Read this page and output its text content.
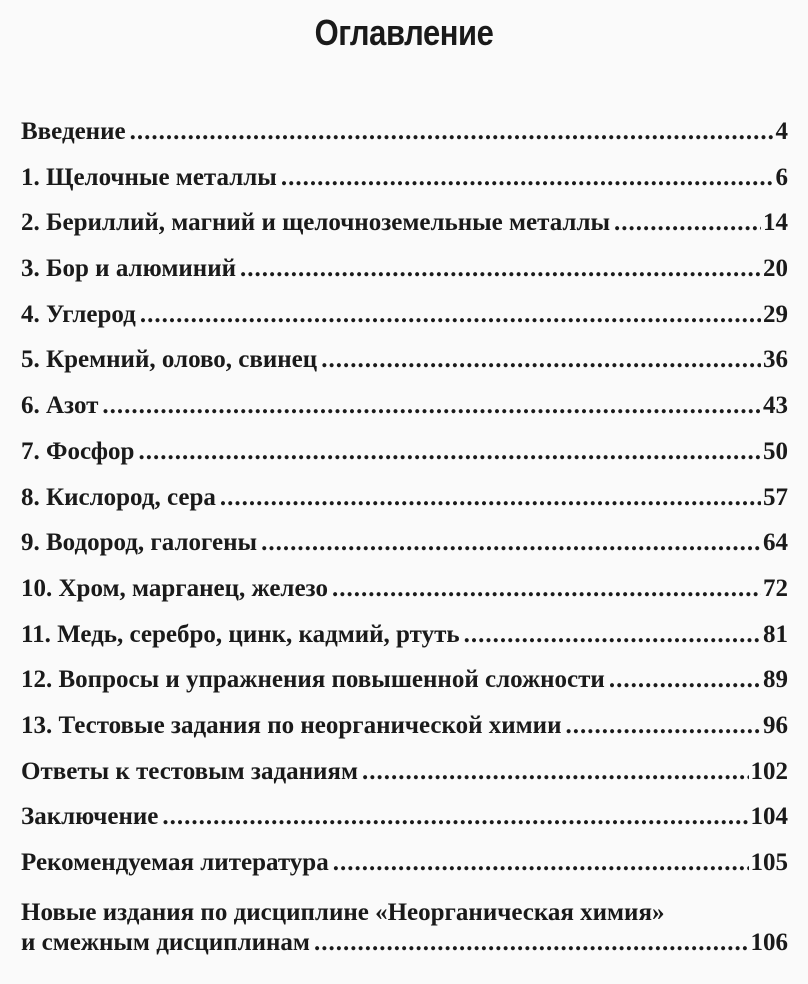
Оглавление
Введение .....	4
1. Щелочные металлы .....	6
2. Бериллий, магний и щелочноземельные металлы .....	14
3. Бор и алюминий .....	20
4. Углерод .....	29
5. Кремний, олово, свинец .....	36
6. Азот .....	43
7. Фосфор .....	50
8. Кислород, сера .....	57
9. Водород, галогены .....	64
10. Хром, марганец, железо .....	72
11. Медь, серебро, цинк, кадмий, ртуть .....	81
12. Вопросы и упражнения повышенной сложности .....	89
13. Тестовые задания по неорганической химии .....	96
Ответы к тестовым заданиям .....	102
Заключение .....	104
Рекомендуемая литература .....	105
Новые издания по дисциплине «Неорганическая химия»
и смежным дисциплинам .....	106
